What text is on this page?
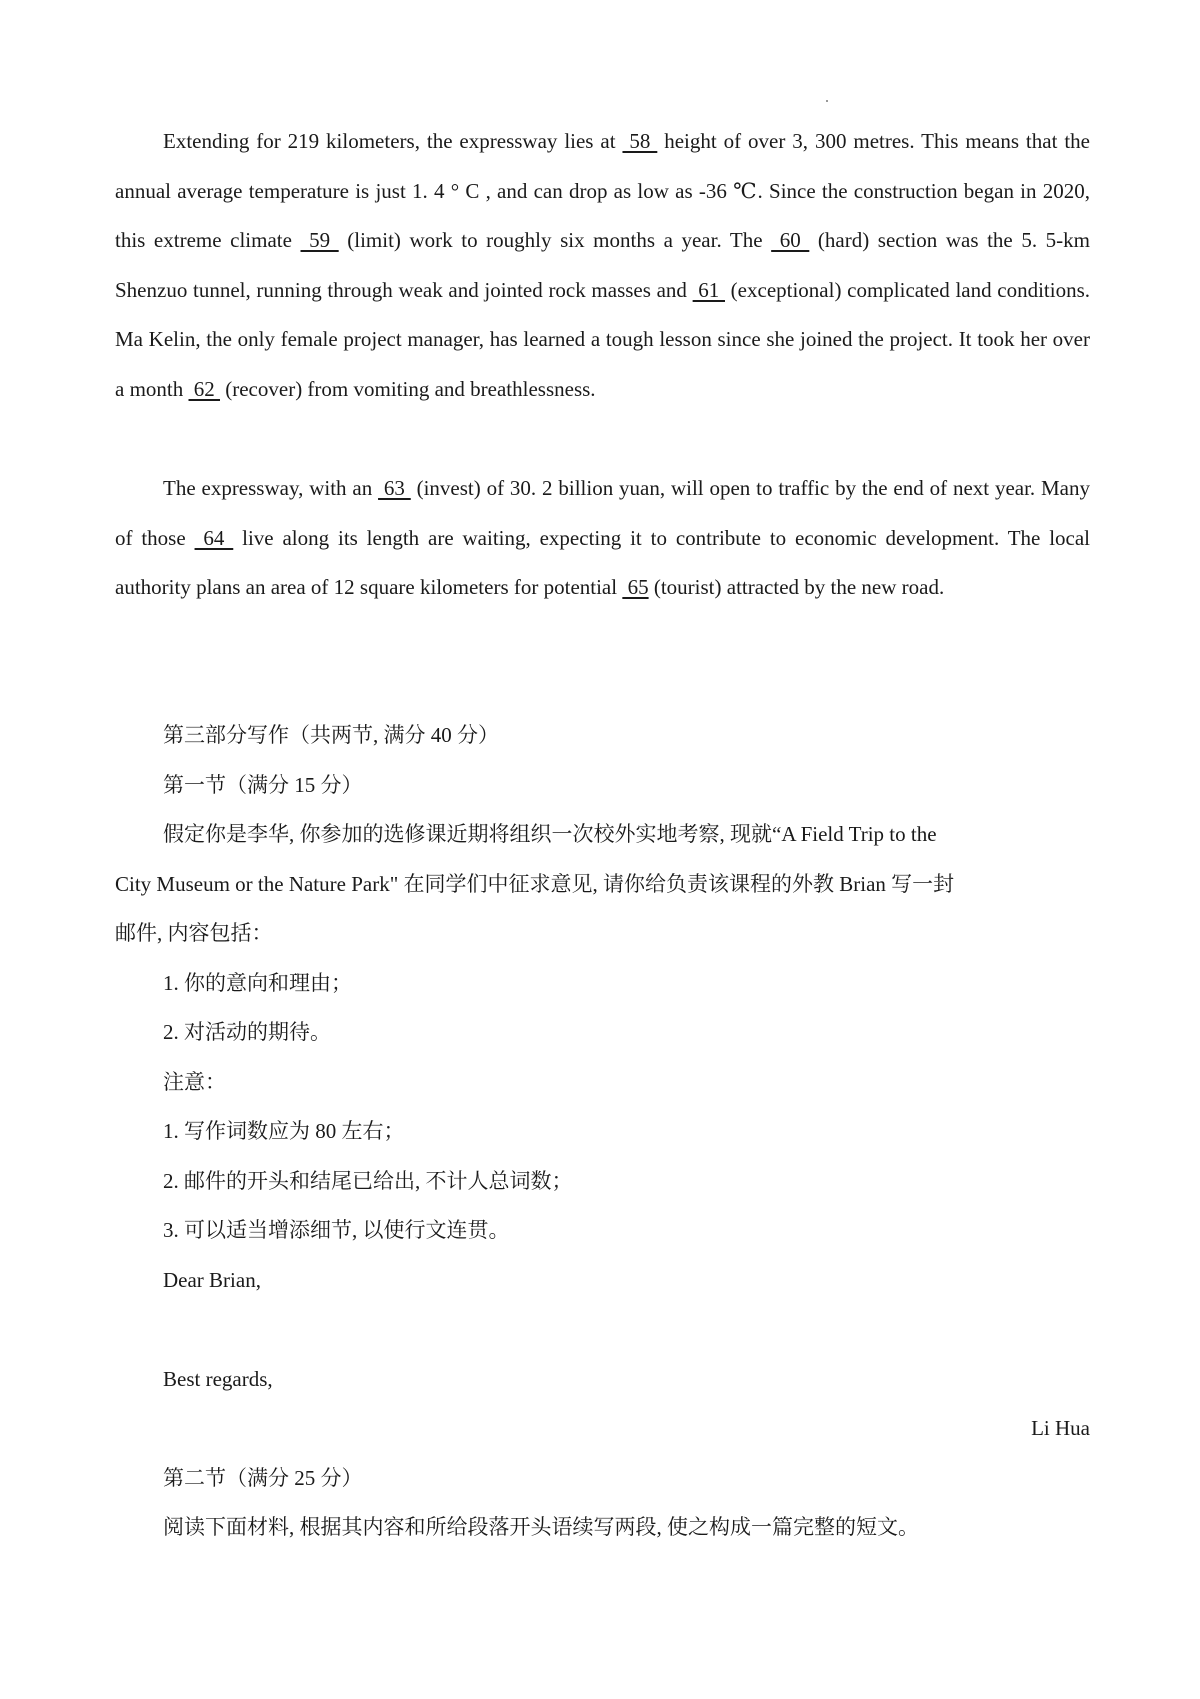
Extending for 219 kilometers, the expressway lies at  58  height of over 3, 300 metres. This means that the annual average temperature is just 1. 4 ° C , and can drop as low as -36 ℃. Since the construction began in 2020, this extreme climate  59  (limit) work to roughly six months a year. The  60  (hard) section was the 5. 5-km Shenzuo tunnel, running through weak and jointed rock masses and  61  (exceptional) complicated land conditions. Ma Kelin, the only female project manager, has learned a tough lesson since she joined the project. It took her over a month  62  (recover) from vomiting and breathlessness.

The expressway, with an  63  (invest) of 30. 2 billion yuan, will open to traffic by the end of next year. Many of those  64  live along its length are waiting, expecting it to contribute to economic development. The local authority plans an area of 12 square kilometers for potential  65 (tourist) attracted by the new road.

第三部分写作（共两节, 满分 40 分）

第一节（满分 15 分）

假定你是李华, 你参加的选修课近期将组织一次校外实地考察, 现就“A Field Trip to the

City Museum or the Nature Park" 在同学们中征求意见, 请你给负责该课程的外教 Brian 写一封

邮件, 内容包括：

1. 你的意向和理由；

2. 对活动的期待。

注意：

1. 写作词数应为 80 左右；

2. 邮件的开头和结尾已给出, 不计人总词数；

3. 可以适当增添细节, 以使行文连贯。

Dear Brian,

Best regards,

Li Hua

第二节（满分 25 分）

阅读下面材料, 根据其内容和所给段落开头语续写两段, 使之构成一篇完整的短文。
